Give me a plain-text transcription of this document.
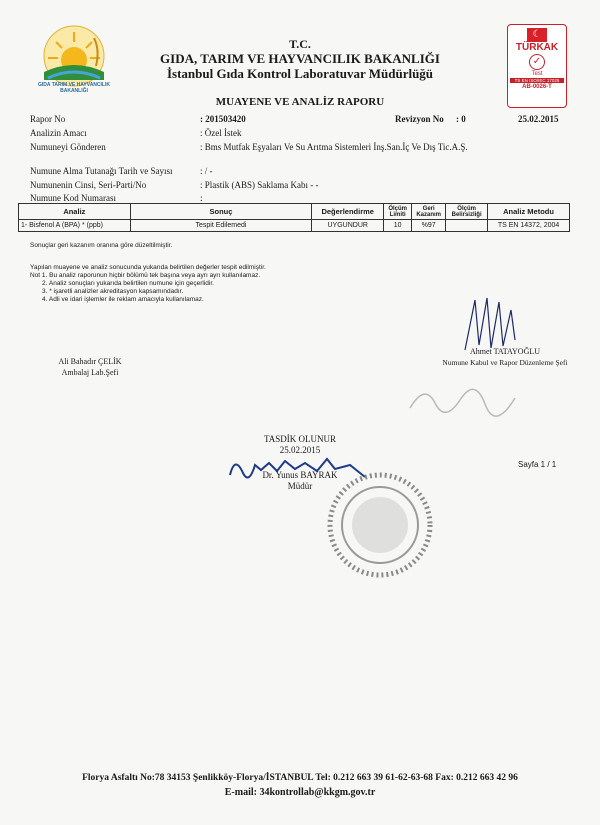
GIDA TARIM VE HAYVANCILIK BAKANLIĞI
T.C.
GIDA, TARIM VE HAYVANCILIK BAKANLIĞI
İstanbul Gıda Kontrol Laboratuvar Müdürlüğü
☾
TÜRKAK
✓
Test
TS EN ISO/IEC 17025
AB-0026-T
MUAYENE VE ANALİZ RAPORU
Rapor No	: 201503420	Revizyon No : 0	25.02.2015
Analizin Amacı	: Özel İstek
Numuneyi Gönderen	: Bms Mutfak Eşyaları Ve Su Arıtma Sistemleri İnş.San.İç Ve Dış Tic.A.Ş.
Numune Alma Tutanağı Tarih ve Sayısı	: / -
Numunenin Cinsi, Seri-Parti/No	: Plastik (ABS) Saklama Kabı - -
Numune Kod Numarası	:
Analiz	Sonuç	Değerlendirme	Ölçüm Limiti	Geri Kazanım	Ölçüm Belirsizliği	Analiz Metodu
1- Bisfenol A (BPA) * (ppb)	Tespit Edilemedi	UYGUNDUR	10	%97		TS EN 14372, 2004
Sonuçlar geri kazanım oranına göre düzeltilmiştir.
Yapılan muayene ve analiz sonucunda yukarıda belirtilen değerler tespit edilmiştir.
Not 1. Bu analiz raporunun hiçbir bölümü tek başına veya ayrı ayrı kullanılamaz.
2. Analiz sonuçları yukarıda belirtilen numune için geçerlidir.
3. * işaretli analizler akreditasyon kapsamındadır.
4. Adli ve idari işlemler ile reklam amacıyla kullanılamaz.
Ali Bahadır ÇELİK
Ambalaj Lab.Şefi
Ahmet TATAYOĞLU
Numune Kabul ve Rapor Düzenleme Şefi
TASDİK OLUNUR
25.02.2015
Dr. Yunus BAYRAK
Müdür
Sayfa 1 / 1
Florya Asfaltı No:78 34153 Şenlikköy-Florya/İSTANBUL Tel: 0.212 663 39 61-62-63-68 Fax: 0.212 663 42 96
E-mail: 34kontrollab@kkgm.gov.tr
